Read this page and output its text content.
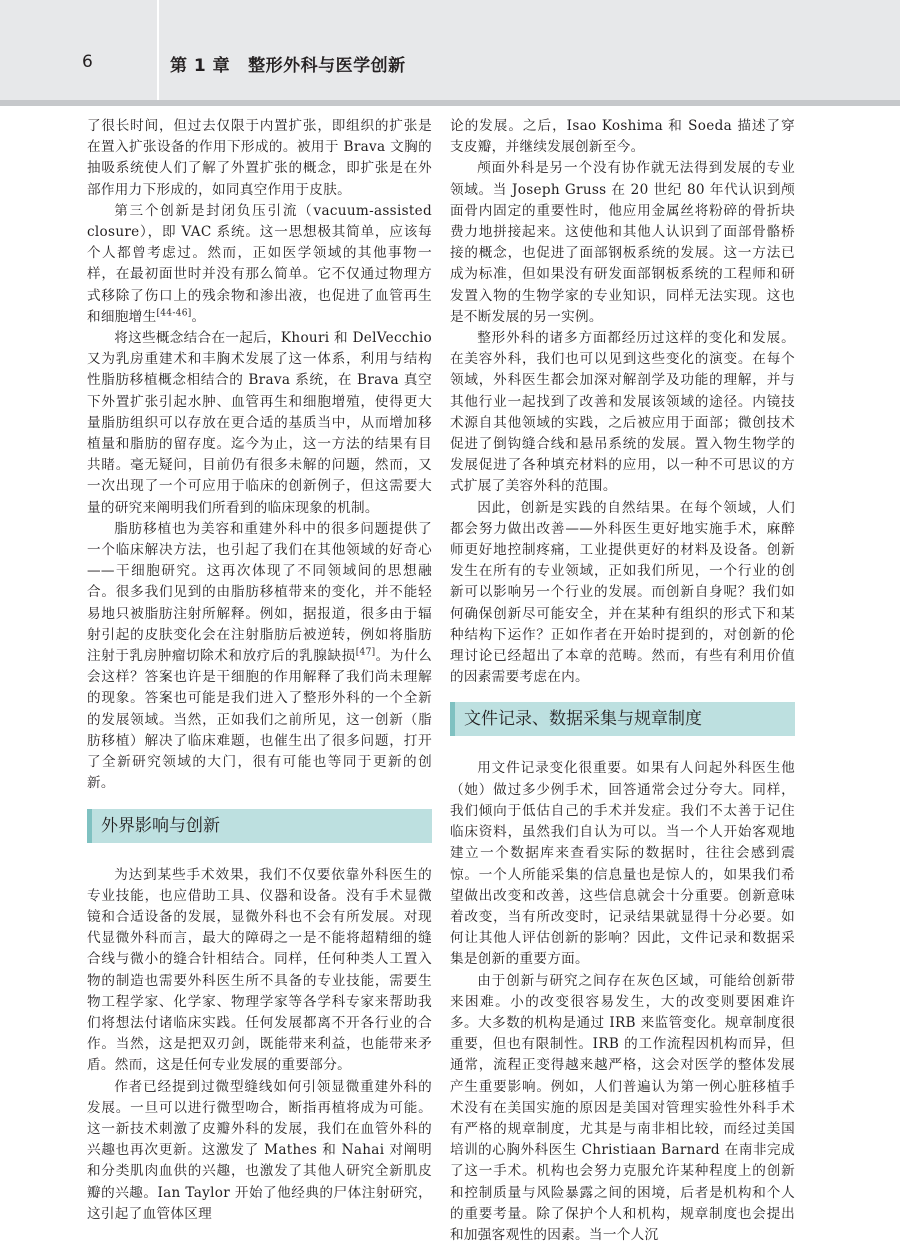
6	第 1 章 整形外科与医学创新

了很长时间，但过去仅限于内置扩张，即组织的扩张是在置入扩张设备的作用下形成的。被用于 Brava 文胸的抽吸系统使人们了解了外置扩张的概念，即扩张是在外部作用力下形成的，如同真空作用于皮肤。

第三个创新是封闭负压引流（vacuum-assisted closure），即 VAC 系统。这一思想极其简单，应该每个人都曾考虑过。然而，正如医学领域的其他事物一样，在最初面世时并没有那么简单。它不仅通过物理方式移除了伤口上的残余物和渗出液，也促进了血管再生和细胞增生[44-46]。

将这些概念结合在一起后，Khouri 和 DelVecchio 又为乳房重建术和丰胸术发展了这一体系，利用与结构性脂肪移植概念相结合的 Brava 系统，在 Brava 真空下外置扩张引起水肿、血管再生和细胞增殖，使得更大量脂肪组织可以存放在更合适的基质当中，从而增加移植量和脂肪的留存度。迄今为止，这一方法的结果有目共睹。毫无疑问，目前仍有很多未解的问题，然而，又一次出现了一个可应用于临床的创新例子，但这需要大量的研究来阐明我们所看到的临床现象的机制。

脂肪移植也为美容和重建外科中的很多问题提供了一个临床解决方法，也引起了我们在其他领域的好奇心——干细胞研究。这再次体现了不同领域间的思想融合。很多我们见到的由脂肪移植带来的变化，并不能轻易地只被脂肪注射所解释。例如，据报道，很多由于辐射引起的皮肤变化会在注射脂肪后被逆转，例如将脂肪注射于乳房肿瘤切除术和放疗后的乳腺缺损[47]。为什么会这样？答案也许是干细胞的作用解释了我们尚未理解的现象。答案也可能是我们进入了整形外科的一个全新的发展领域。当然，正如我们之前所见，这一创新（脂肪移植）解决了临床难题，也催生出了很多问题，打开了全新研究领域的大门，很有可能也等同于更新的创新。

外界影响与创新

为达到某些手术效果，我们不仅要依靠外科医生的专业技能，也应借助工具、仪器和设备。没有手术显微镜和合适设备的发展，显微外科也不会有所发展。对现代显微外科而言，最大的障碍之一是不能将超精细的缝合线与微小的缝合针相结合。同样，任何种类人工置入物的制造也需要外科医生所不具备的专业技能，需要生物工程学家、化学家、物理学家等各学科专家来帮助我们将想法付诸临床实践。任何发展都离不开各行业的合作。当然，这是把双刃剑，既能带来利益，也能带来矛盾。然而，这是任何专业发展的重要部分。

作者已经提到过微型缝线如何引领显微重建外科的发展。一旦可以进行微型吻合，断指再植将成为可能。这一新技术刺激了皮瓣外科的发展，我们在血管外科的兴趣也再次更新。这激发了 Mathes 和 Nahai 对阐明和分类肌肉血供的兴趣，也激发了其他人研究全新肌皮瓣的兴趣。Ian Taylor 开始了他经典的尸体注射研究，这引起了血管体区理

论的发展。之后，Isao Koshima 和 Soeda 描述了穿支皮瓣，并继续发展创新至今。

颅面外科是另一个没有协作就无法得到发展的专业领域。当 Joseph Gruss 在 20 世纪 80 年代认识到颅面骨内固定的重要性时，他应用金属丝将粉碎的骨折块费力地拼接起来。这使他和其他人认识到了面部骨骼桥接的概念，也促进了面部钢板系统的发展。这一方法已成为标准，但如果没有研发面部钢板系统的工程师和研发置入物的生物学家的专业知识，同样无法实现。这也是不断发展的另一实例。

整形外科的诸多方面都经历过这样的变化和发展。在美容外科，我们也可以见到这些变化的演变。在每个领域，外科医生都会加深对解剖学及功能的理解，并与其他行业一起找到了改善和发展该领域的途径。内镜技术源自其他领域的实践，之后被应用于面部；微创技术促进了倒钩缝合线和悬吊系统的发展。置入物生物学的发展促进了各种填充材料的应用，以一种不可思议的方式扩展了美容外科的范围。

因此，创新是实践的自然结果。在每个领域，人们都会努力做出改善——外科医生更好地实施手术，麻醉师更好地控制疼痛，工业提供更好的材料及设备。创新发生在所有的专业领域，正如我们所见，一个行业的创新可以影响另一个行业的发展。而创新自身呢？我们如何确保创新尽可能安全，并在某种有组织的形式下和某种结构下运作？正如作者在开始时提到的，对创新的伦理讨论已经超出了本章的范畴。然而，有些有利用价值的因素需要考虑在内。

文件记录、数据采集与规章制度

用文件记录变化很重要。如果有人问起外科医生他（她）做过多少例手术，回答通常会过分夸大。同样，我们倾向于低估自己的手术并发症。我们不太善于记住临床资料，虽然我们自认为可以。当一个人开始客观地建立一个数据库来查看实际的数据时，往往会感到震惊。一个人所能采集的信息量也是惊人的，如果我们希望做出改变和改善，这些信息就会十分重要。创新意味着改变，当有所改变时，记录结果就显得十分必要。如何让其他人评估创新的影响？因此，文件记录和数据采集是创新的重要方面。

由于创新与研究之间存在灰色区域，可能给创新带来困难。小的改变很容易发生，大的改变则要困难许多。大多数的机构是通过 IRB 来监管变化。规章制度很重要，但也有限制性。IRB 的工作流程因机构而异，但通常，流程正变得越来越严格，这会对医学的整体发展产生重要影响。例如，人们普遍认为第一例心脏移植手术没有在美国实施的原因是美国对管理实验性外科手术有严格的规章制度，尤其是与南非相比较，而经过美国培训的心胸外科医生 Christiaan Barnard 在南非完成了这一手术。机构也会努力克服允许某种程度上的创新和控制质量与风险暴露之间的困境，后者是机构和个人的重要考量。除了保护个人和机构，规章制度也会提出和加强客观性的因素。当一个人沉
